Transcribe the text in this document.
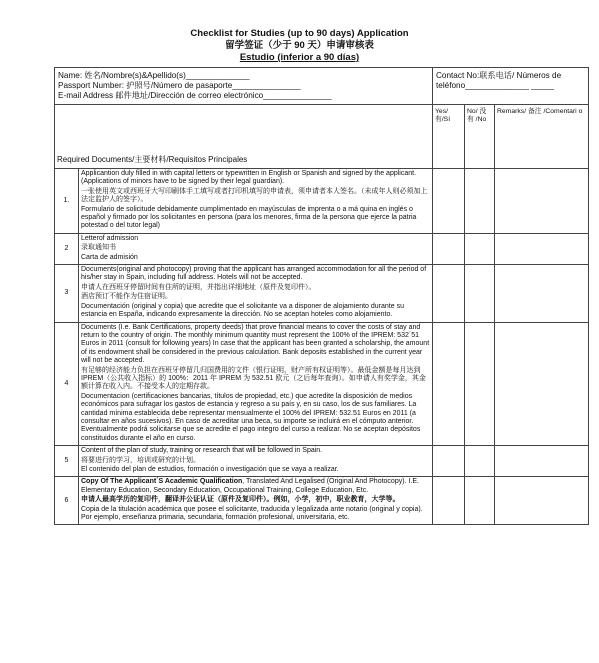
Checklist for Studies (up to 90 days) Application
留学签证（少于 90 天）申请审核表
Estudio (inferior a 90 días)
Name: 姓名/Nombre(s)&Apellido(s)______________
Passport Number: 护照号/Número de pasaporte_______________
E-mail Address 邮件地址/Dirección de correo electrónico_______________		Contact No:联系电话/ Números de teléfono______________ _____		
Required Documents/主要材料/Requisitos Principales		Yes/ 有/Sí	No/ 没有 /No	Remarks/ 备注 /Comentari o
1.	Applicantion duly filled in with capital letters or typewritten in English or Spanish and signed by the applicant. (Applications of minors have to be signed by their legal guardian).

一张使用英文或西班牙大写印刷体手工填写或者打印机填写的申请表，须申请者本人签名。（未成年人则必须加上法定监护人的签字）。

Formulario de solicitude debidamente cumplimentado en mayúsculas de imprenta o a má quina en inglés o español y firmado por los solicitantes en persona (para los menores, firma de la persona que ejerce la patria potestad o del tutor legal)			

2	Letterof admission

录取通知书

Carta de admisión			

3	Documents(original and photocopy) proving that the applicant has arranged accommodation for all the period of his/her stay in Spain, including full address. Hotels will not be accepted.

申请人在西班牙停留时间有住所的证明，并指出详细地址（原件及复印件）。

酒店预订不能作为住宿证明。

Documentación (original y copia) que acredite que el solicitante va a disponer de alojamiento durante su estancia en España, indicando expresamente la dirección. No se aceptan hoteles como alojamiento.			

4	Documents (I.e. Bank Certifications, property deeds) that prove financial means to cover the costs of stay and return to the country of origin. The monthly minimum quantity must represent the 100% of the IPREM: 532´51 Euros in 2011 (consult for following years) In case that the applicant has been granted a scholarship, the amount of its endowment shall be considered in the previous calculation. Bank deposits established in the current year will not be accepted.

有足够的经济能力负担在西班牙停留几归国费用的文件（银行证明，财产所有权证明等）。最低金额是每月达到 IPREM（公共收入指标）的 100%：2011 年 IPREM 为 532.51 欧元（之后每年查询）。如申请人有奖学金，其金额计算在收入内。不接受本人的定期存款。

Documentacion (certificaciones bancarias, títulos de propiedad, etc.) que acredite la disposición de medios económicos para sufragar los gastos de estancia y regreso a su país y, en su caso, los de sus familiares. La cantidad mínima establecida debe representar mensualmente el 100% del IPREM: 532.51 Euros en 2011 (a consultar en años sucesivos). En caso de acreditar una beca, su importe se incluirá en el cómputo anterior. Eventualmente podrá solicitarse que se acredite el pago integro del curso a realizar. No se aceptan depósitos constituidos durante el año en curso.			

5	Content of the plan of study, training or research that will be followed in Spain.

将要进行的学习，培训或研究的计划。

El contenido del plan de estudios, formación o investigación que se vaya a realizar.			

6	Copy Of The Applicant´S Academic Qualification, Translated And Legalised (Original And Photocopy). I.E. Elementary Education, Secondary Education, Occupational Training, College Education, Etc.

申请人最高学历的复印件，翻译并公证认证（原件及复印件）。例如，小学，初中，职业教育，大学等。

Copia de la titulación académica que posee el solicitante, traducida y legalizada ante notario (original y copia). Por ejemplo, enseñanza primaria, secundaria, formación profesional, universitaria, etc.			
